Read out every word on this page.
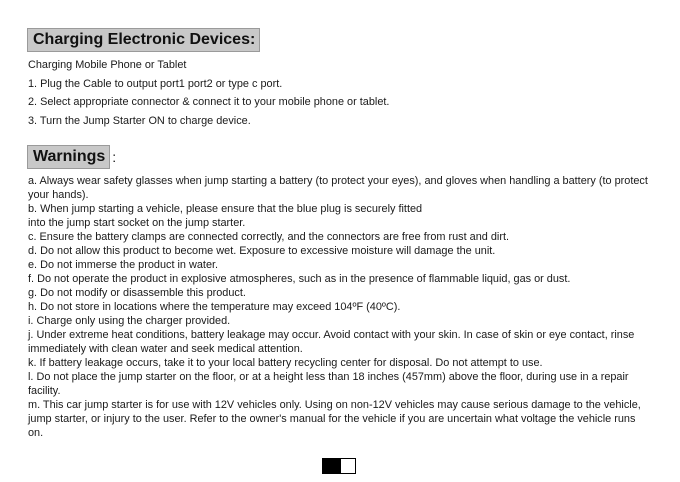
Charging Electronic Devices:

Charging Mobile Phone or Tablet

1. Plug the Cable to output port1 port2 or type c port.

2. Select appropriate connector & connect it to your mobile phone or tablet.

3. Turn the Jump Starter ON to charge device.

Warnings :

a. Always wear safety glasses when jump starting a battery (to protect your eyes), and gloves when handling a battery (to protect your hands).

b. When jump starting a vehicle, please ensure that the blue plug is securely fitted

into the jump start socket on the jump starter.

c. Ensure the battery clamps are connected correctly, and the connectors are free from rust and dirt.

d. Do not allow this product to become wet. Exposure to excessive moisture will damage the unit.

e. Do not immerse the product in water.

f. Do not operate the product in explosive atmospheres, such as in the presence of flammable liquid, gas or dust.

g. Do not modify or disassemble this product.

h. Do not store in locations where the temperature may exceed 104ºF (40ºC).

i. Charge only using the charger provided.

j. Under extreme heat conditions, battery leakage may occur. Avoid contact with your skin. In case of skin or eye contact, rinse immediately with clean water and seek medical attention.

k. If battery leakage occurs, take it to your local battery recycling center for disposal. Do not attempt to use.

l. Do not place the jump starter on the floor, or at a height less than 18 inches (457mm) above the floor, during use in a repair facility.

m. This car jump starter is for use with 12V vehicles only. Using on non-12V vehicles may cause serious damage to the vehicle, jump starter, or injury to the user. Refer to the owner's manual for the vehicle if you are uncertain what voltage the vehicle runs on.
